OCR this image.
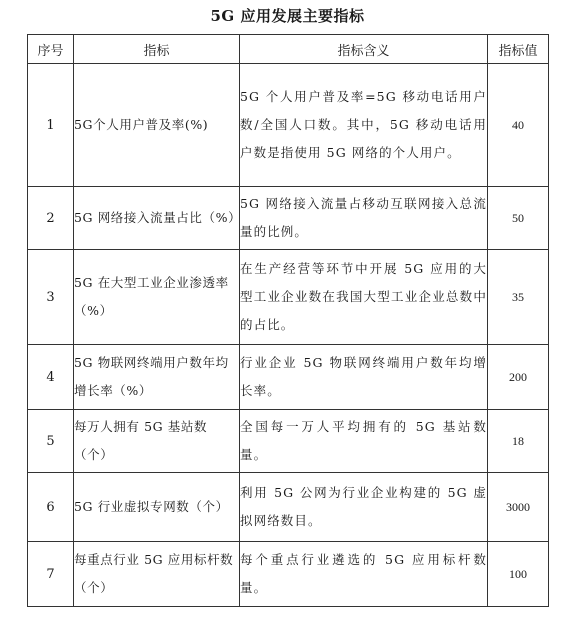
5G 应用发展主要指标
序号	指标	指标含义	指标值
1	5G个人用户普及率(%)	5G 个人用户普及率=5G 移动电话用户数/全国人口数。其中，5G 移动电话用户数是指使用 5G 网络的个人用户。	40
2	5G 网络接入流量占比（%）	5G 网络接入流量占移动互联网接入总流量的比例。	50
3	5G 在大型工业企业渗透率（%）	在生产经营等环节中开展 5G 应用的大型工业企业数在我国大型工业企业总数中的占比。	35
4	5G 物联网终端用户数年均增长率（%）	行业企业 5G 物联网终端用户数年均增长率。	200
5	每万人拥有 5G 基站数（个）	全国每一万人平均拥有的 5G 基站数量。	18
6	5G 行业虚拟专网数（个）	利用 5G 公网为行业企业构建的 5G 虚拟网络数目。	3000
7	每重点行业 5G 应用标杆数（个）	每个重点行业遴选的 5G 应用标杆数量。	100
